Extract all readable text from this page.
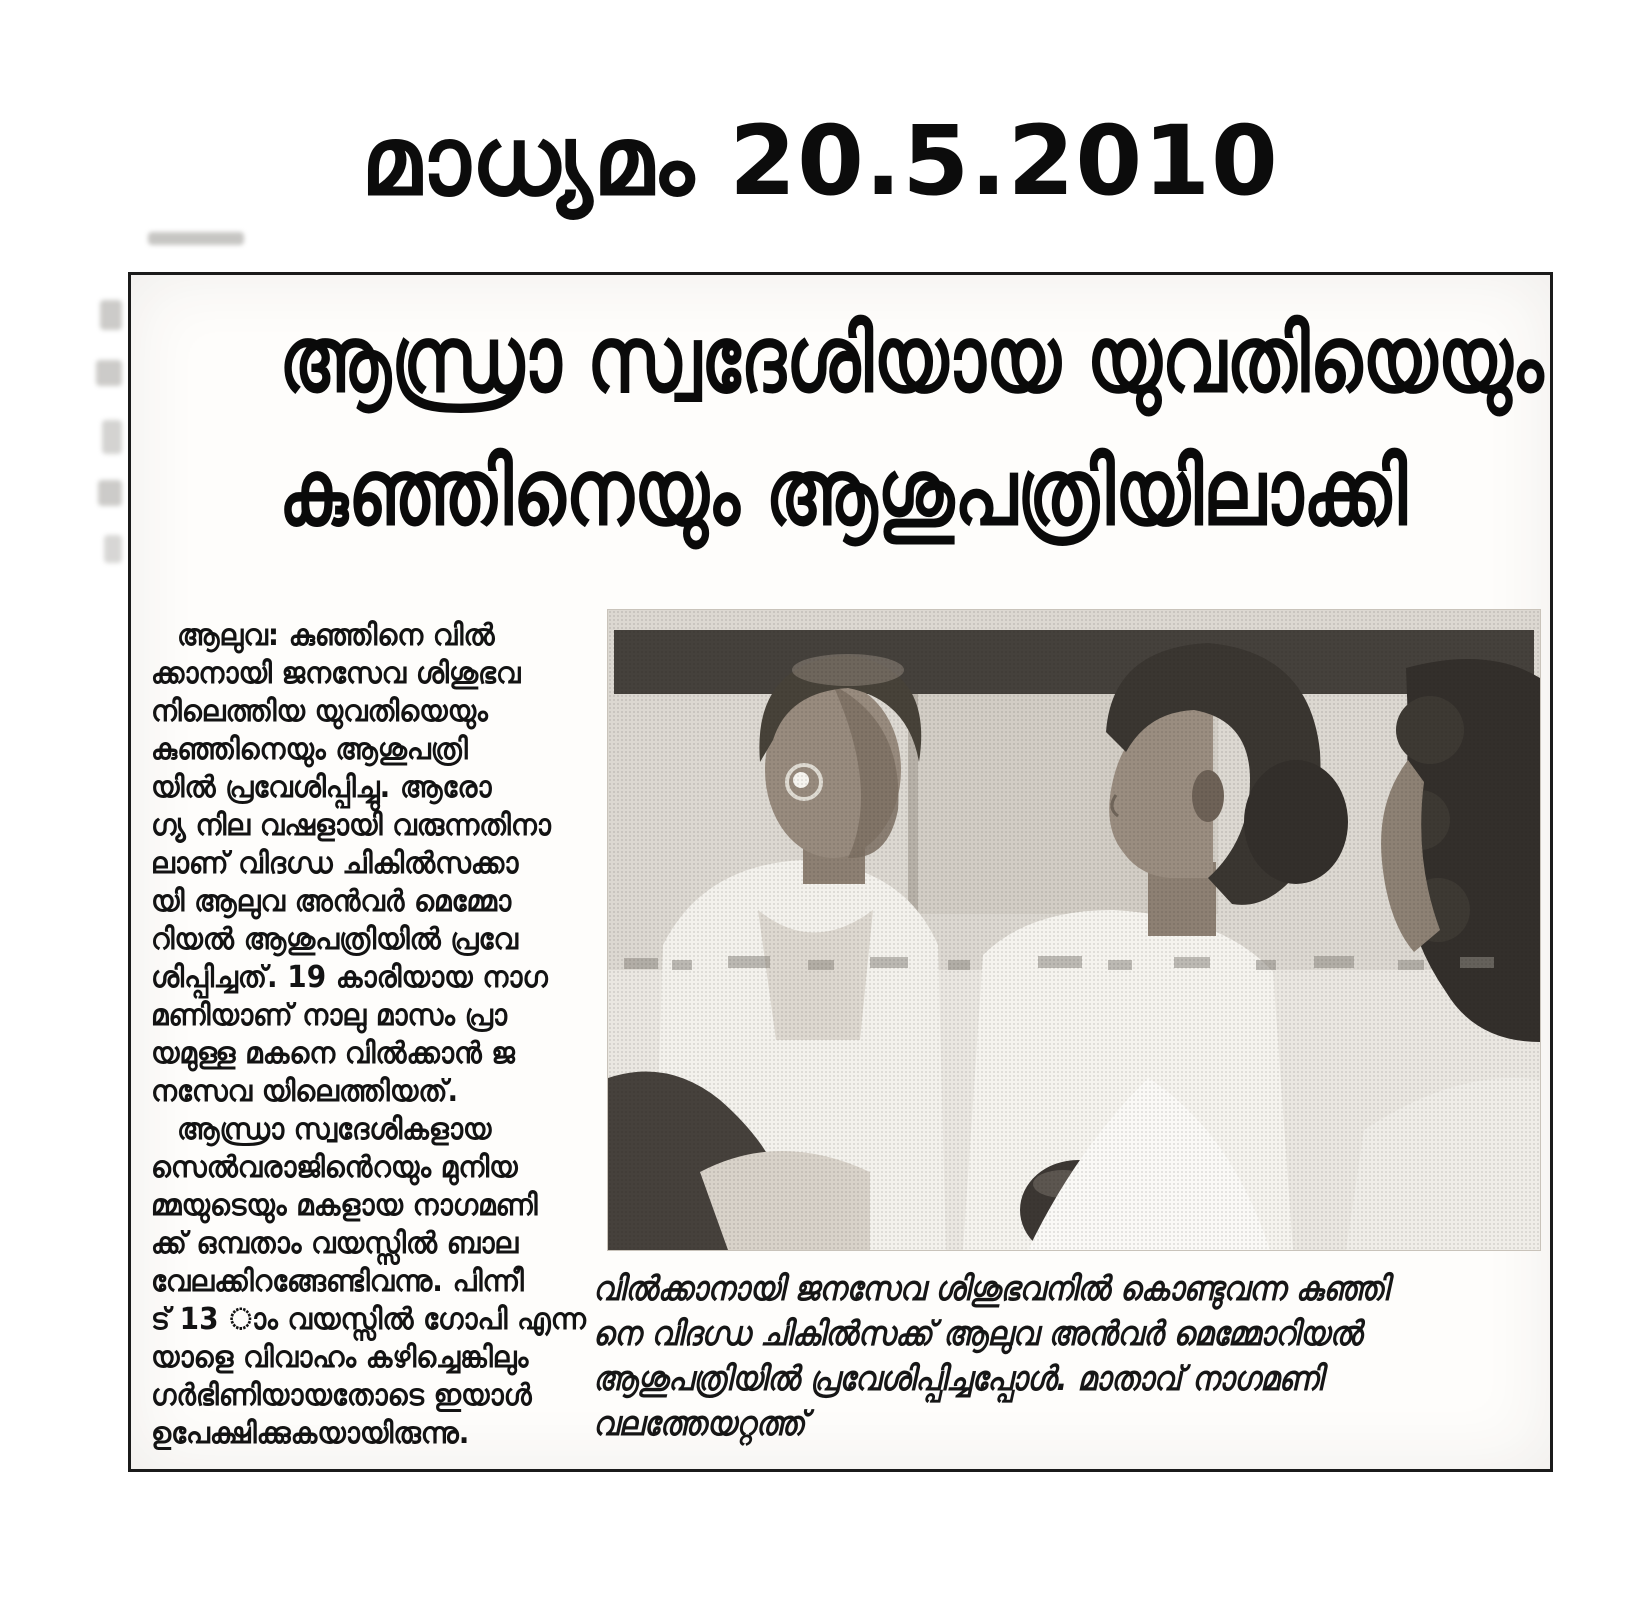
മാധ്യമം 20.5.2010
ആന്ധ്രാ സ്വദേശിയായ യുവതിയെയും
കുഞ്ഞിനെയും ആശുപത്രിയിലാക്കി
ആലുവ: കുഞ്ഞിനെ വിൽ
ക്കാനായി ജനസേവ ശിശുഭവ
നിലെത്തിയ യുവതിയെയും
കുഞ്ഞിനെയും ആശുപത്രി
യിൽ പ്രവേശിപ്പിച്ചു. ആരോ
ഗ്യ നില വഷളായി വരുന്നതിനാ
ലാണ് വിദഗ്ധ ചികിൽസക്കാ
യി ആലുവ അൻവർ മെമ്മോ
റിയൽ ആശുപത്രിയിൽ പ്രവേ
ശിപ്പിച്ചത്. 19 കാരിയായ നാഗ
മണിയാണ് നാലു മാസം പ്രാ
യമുള്ള മകനെ വിൽക്കാൻ ജ
നസേവ യിലെത്തിയത്.
ആന്ധ്രാ സ്വദേശികളായ
സെൽവരാജിൻെറയും മുനിയ
മ്മയുടെയും മകളായ നാഗമണി
ക്ക് ഒമ്പതാം വയസ്സിൽ ബാല
വേലക്കിറങ്ങേണ്ടിവന്നു. പിന്നീ
ട് 13 ാം വയസ്സിൽ ഗോപി എന്ന
യാളെ വിവാഹം കഴിച്ചെങ്കിലും
ഗർഭിണിയായതോടെ ഇയാൾ
ഉപേക്ഷിക്കുകയായിരുന്നു.
വിൽക്കാനായി ജനസേവ ശിശുഭവനിൽ കൊണ്ടുവന്ന കുഞ്ഞി
നെ വിദഗ്ധ ചികിൽസക്ക് ആലുവ അൻവർ മെമ്മോറിയൽ
ആശുപത്രിയിൽ പ്രവേശിപ്പിച്ചപ്പോൾ. മാതാവ് നാഗമണി
വലത്തേയറ്റത്ത്
